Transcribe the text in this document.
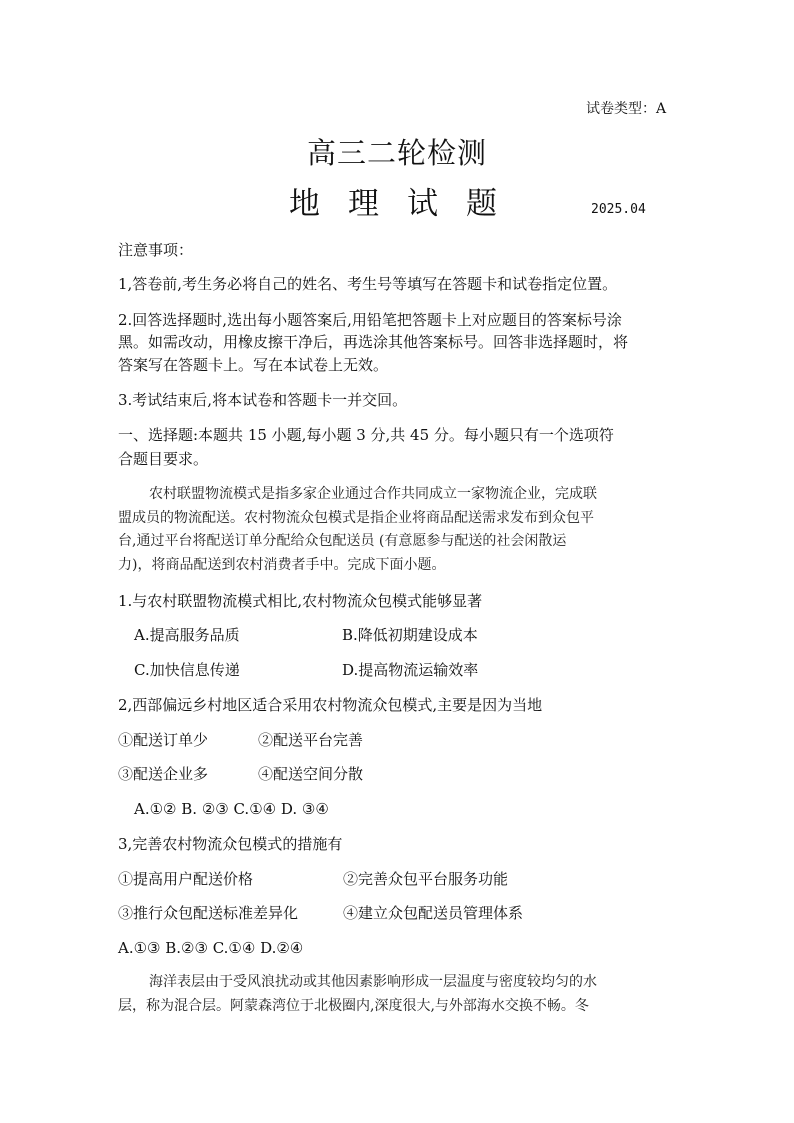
试卷类型：A
高三二轮检测
地理试题	2025.04
注意事项：
1,答卷前,考生务必将自己的姓名、考生号等填写在答题卡和试卷指定位置。
2.回答选择题时,选出每小题答案后,用铅笔把答题卡上对应题目的答案标号涂
黑。如需改动，用橡皮擦干净后，再选涂其他答案标号。回答非选择题时，将
答案写在答题卡上。写在本试卷上无效。
3.考试结束后,将本试卷和答题卡一并交回。
一、选择题:本题共 15 小题,每小题 3 分,共 45 分。每小题只有一个选项符
合题目要求。
农村联盟物流模式是指多家企业通过合作共同成立一家物流企业，完成联
盟成员的物流配送。农村物流众包模式是指企业将商品配送需求发布到众包平
台,通过平台将配送订单分配给众包配送员 (有意愿参与配送的社会闲散运
力)，将商品配送到农村消费者手中。完成下面小题。
1.与农村联盟物流模式相比,农村物流众包模式能够显著
A.提高服务品质	B.降低初期建设成本
C.加快信息传递	D.提高物流运输效率
2,西部偏远乡村地区适合采用农村物流众包模式,主要是因为当地
①配送订单少	②配送平台完善
③配送企业多	④配送空间分散
A.①② B. ②③ C.①④ D. ③④
3,完善农村物流众包模式的措施有
①提高用户配送价格	②完善众包平台服务功能
③推行众包配送标准差异化	④建立众包配送员管理体系
A.①③ B.②③ C.①④ D.②④
海洋表层由于受风浪扰动或其他因素影响形成一层温度与密度较均匀的水
层，称为混合层。阿蒙森湾位于北极圈内,深度很大,与外部海水交换不畅。冬
